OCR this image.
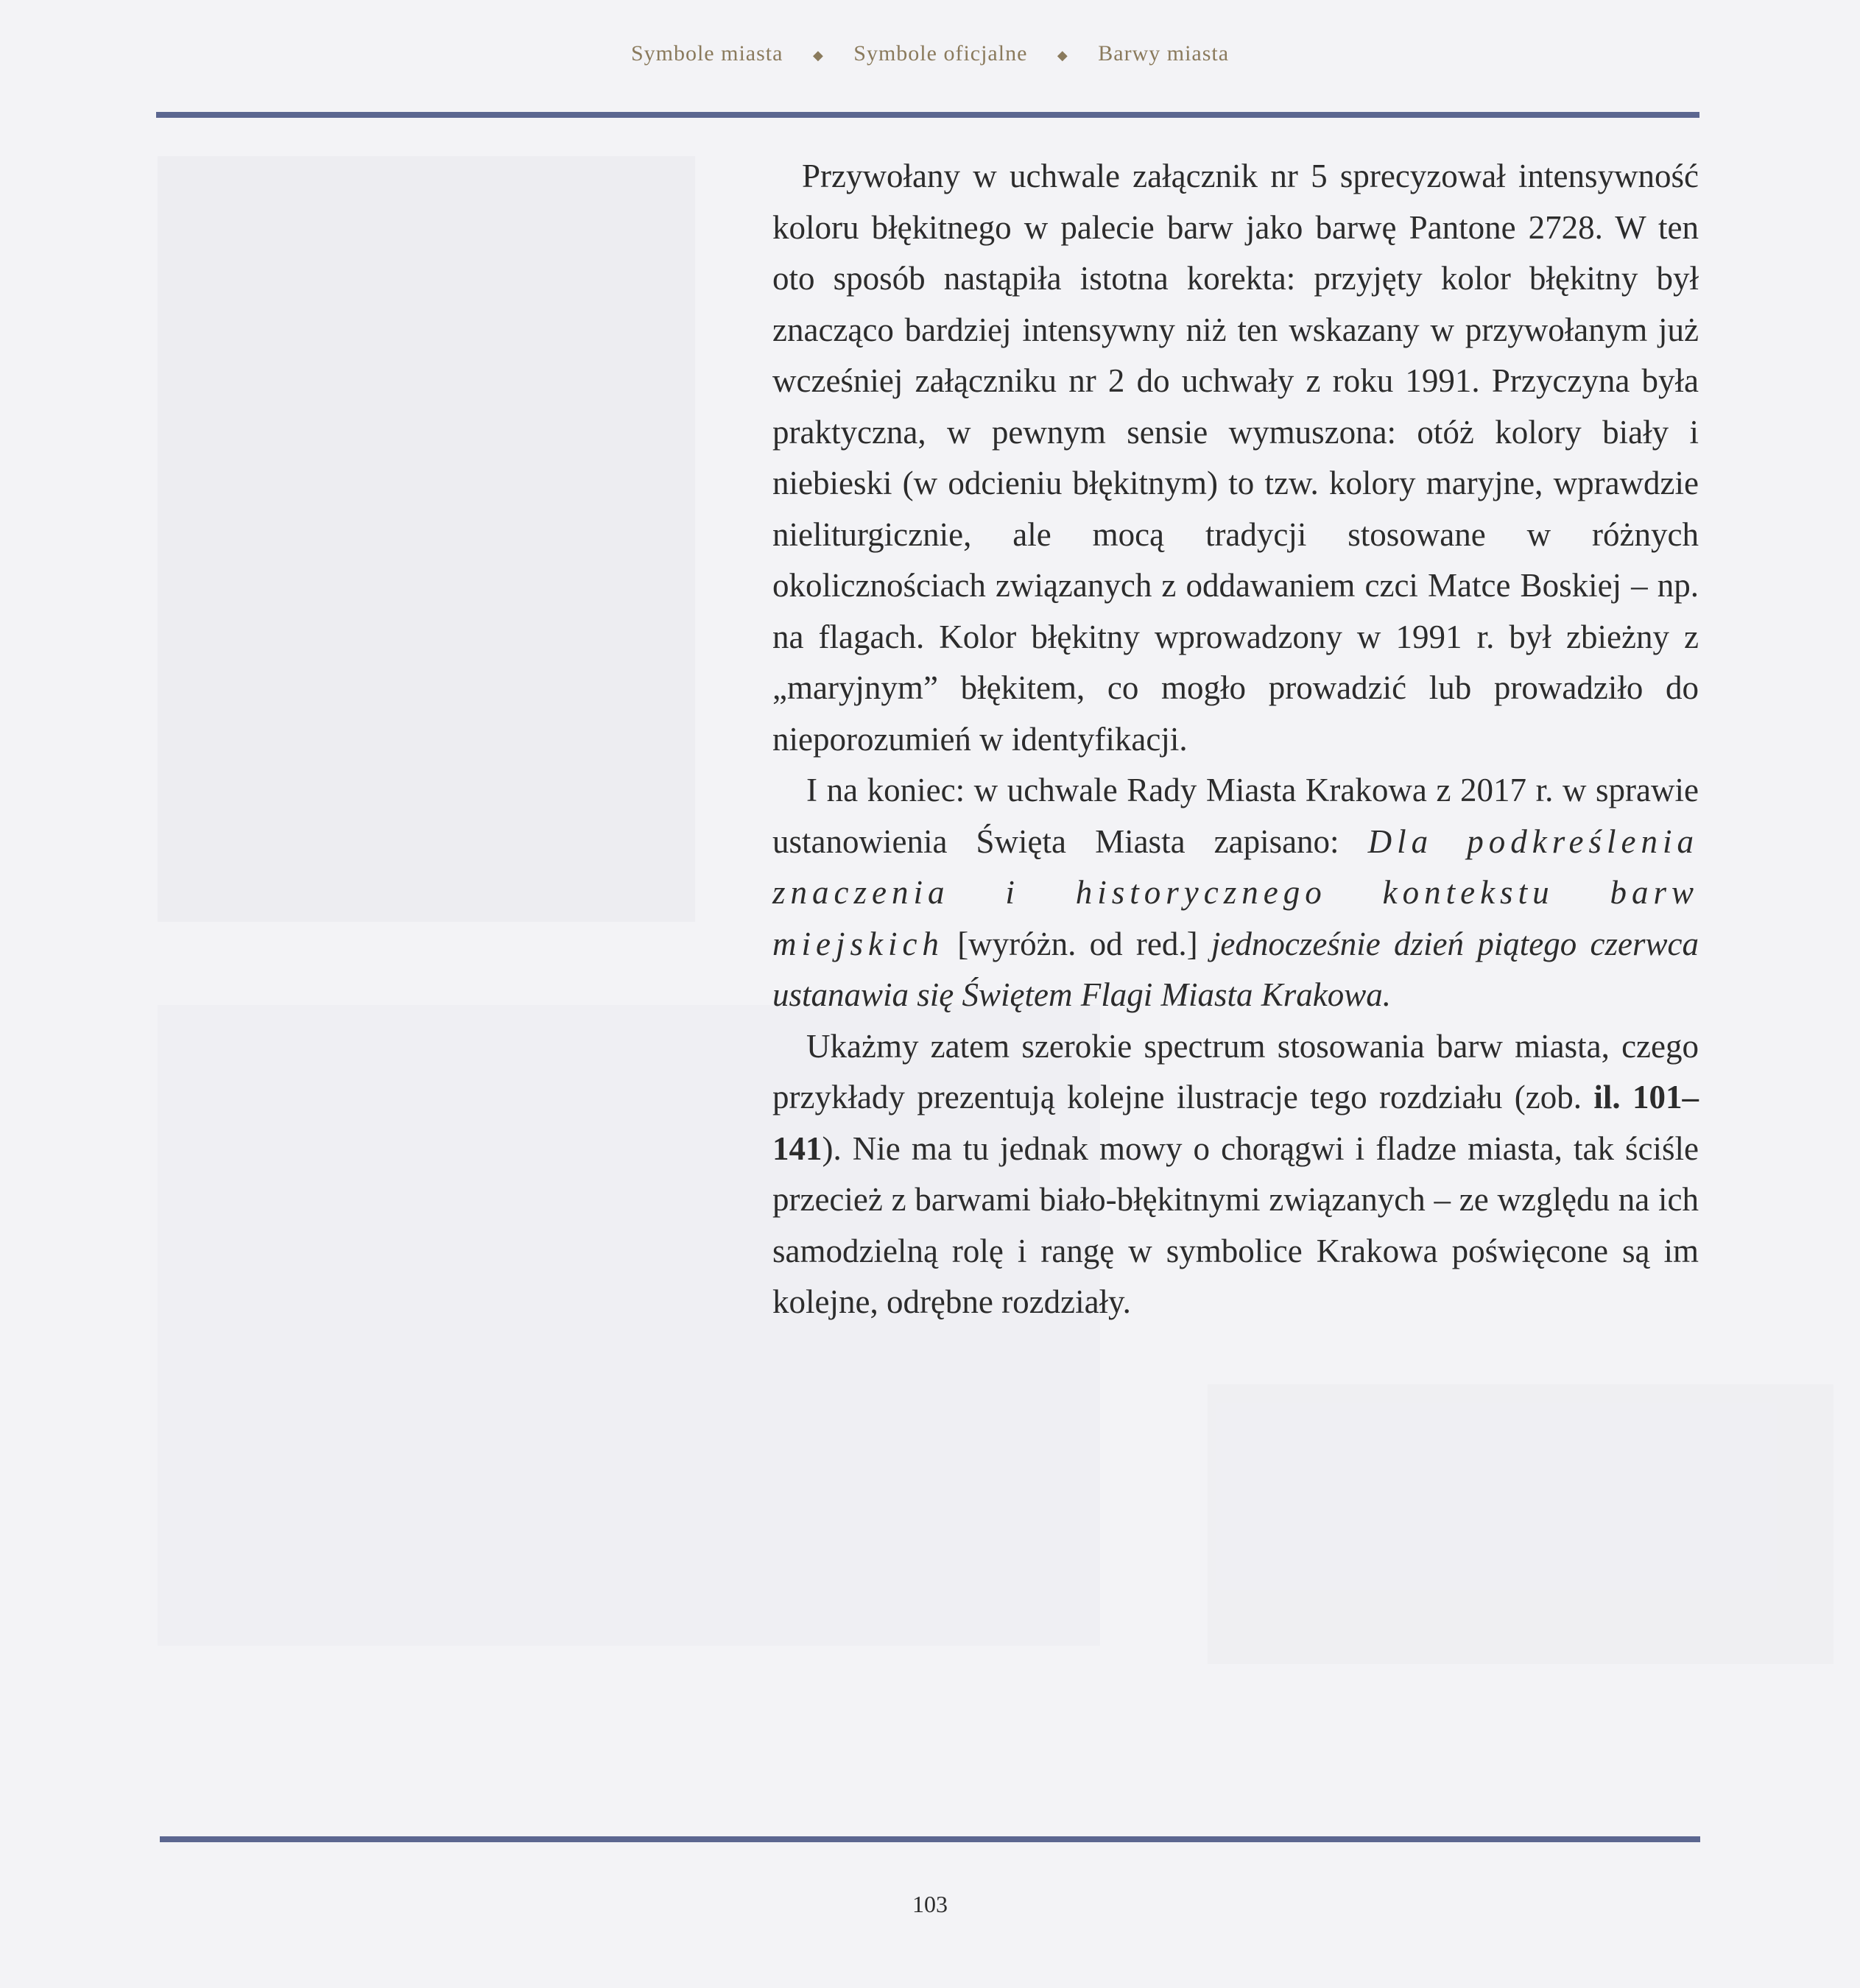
Symbole miasta ◆ Symbole oficjalne ◆ Barwy miasta

Przywołany w uchwale załącznik nr 5 sprecyzował intensywność koloru błękitnego w palecie barw jako barwę Pantone 2728. W ten oto sposób nastąpiła istotna korekta: przyjęty kolor błękitny był znacząco bardziej intensywny niż ten wskazany w przywołanym już wcześniej załączniku nr 2 do uchwały z roku 1991. Przyczyna była praktyczna, w pewnym sensie wymuszona: otóż kolory biały i niebieski (w odcieniu błękitnym) to tzw. kolory maryjne, wprawdzie nieliturgicznie, ale mocą tradycji stosowane w różnych okolicznościach związanych z oddawaniem czci Matce Boskiej – np. na flagach. Kolor błękitny wprowadzony w 1991 r. był zbieżny z „maryjnym” błękitem, co mogło prowadzić lub prowadziło do nieporozumień w identyfikacji.

I na koniec: w uchwale Rady Miasta Krakowa z 2017 r. w sprawie ustanowienia Święta Miasta zapisano: Dla podkreślenia znaczenia i historycznego kontekstu barw miejskich [wyróżn. od red.] jednocześnie dzień piątego czerwca ustanawia się Świętem Flagi Miasta Krakowa.

Ukażmy zatem szerokie spectrum stosowania barw miasta, czego przykłady prezentują kolejne ilustracje tego rozdziału (zob. il. 101–141). Nie ma tu jednak mowy o chorągwi i fladze miasta, tak ściśle przecież z barwami biało-błękitnymi związanych – ze względu na ich samodzielną rolę i rangę w symbolice Krakowa poświęcone są im kolejne, odrębne rozdziały.

103
